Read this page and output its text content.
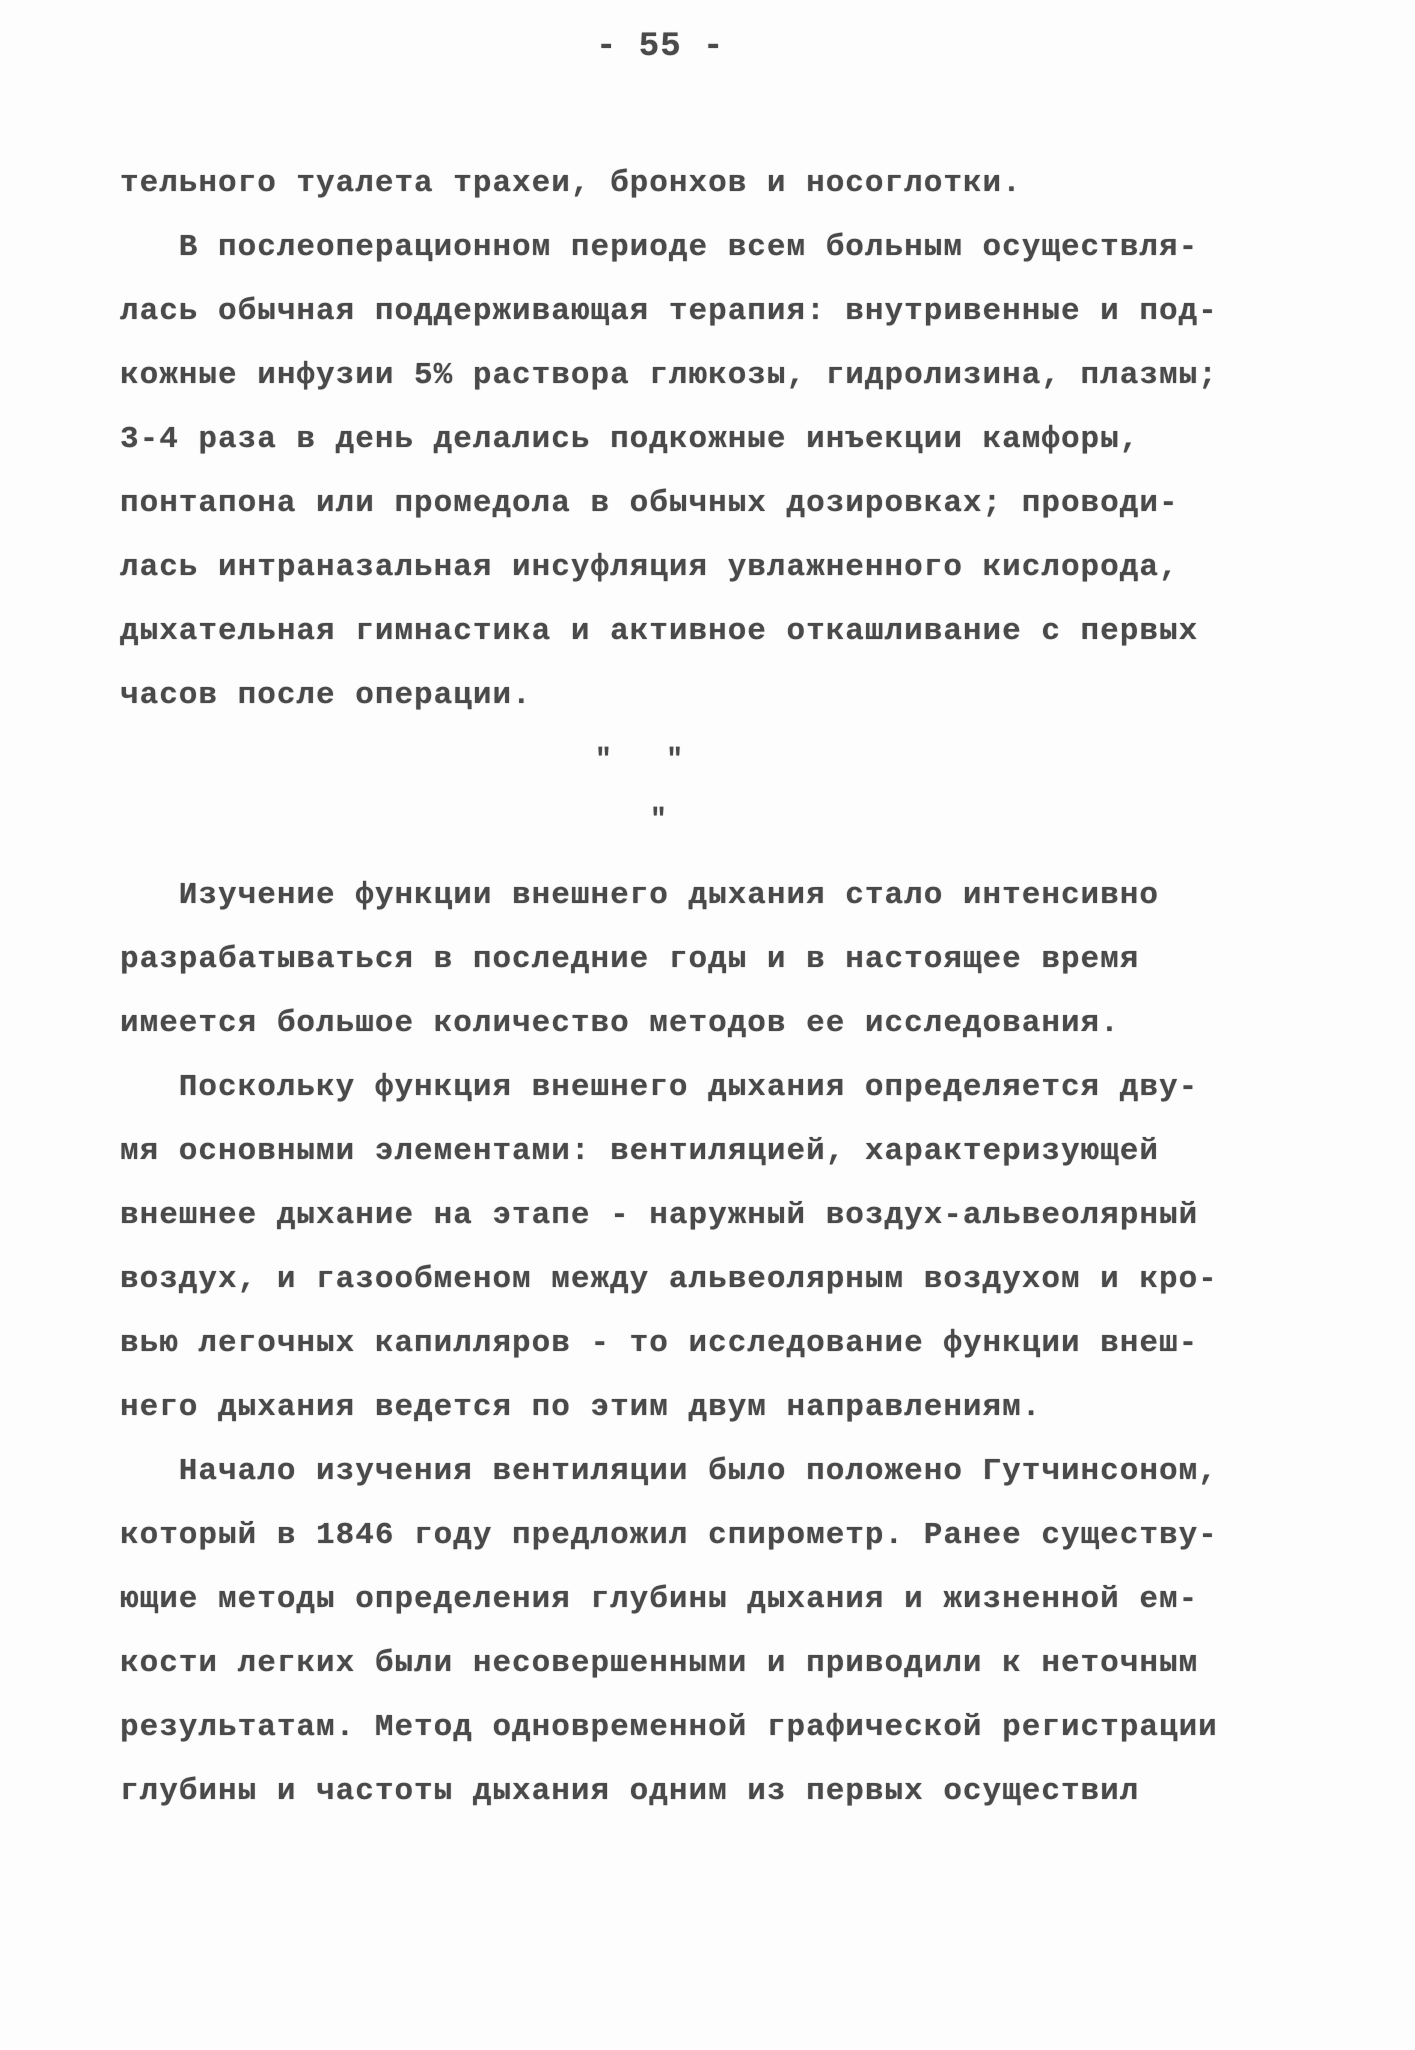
- 55 -
тельного туалета трахеи, бронхов и носоглотки.
В послеоперационном периоде всем больным осуществля-
лась обычная поддерживающая терапия: внутривенные и под-
кожные инфузии 5% раствора глюкозы, гидролизина, плазмы;
3-4 раза в день делались подкожные инъекции камфоры,
понтапона или промедола в обычных дозировках; проводи-
лась интраназальная инсуфляция увлажненного кислорода,
дыхательная гимнастика и активное откашливание с первых
часов после операции.
"   "
"
Изучение функции внешнего дыхания стало интенсивно
разрабатываться в последние годы и в настоящее время
имеется большое количество методов ее исследования.
Поскольку функция внешнего дыхания определяется дву-
мя основными элементами: вентиляцией, характеризующей
внешнее дыхание на этапе - наружный воздух-альвеолярный
воздух, и газообменом между альвеолярным воздухом и кро-
вью легочных капилляров - то исследование функции внеш-
него дыхания ведется по этим двум направлениям.
Начало изучения вентиляции было положено Гутчинсоном,
который в 1846 году предложил спирометр. Ранее существу-
ющие методы определения глубины дыхания и жизненной ем-
кости легких были несовершенными и приводили к неточным
результатам. Метод одновременной графической регистрации
глубины и частоты дыхания одним из первых осуществил
